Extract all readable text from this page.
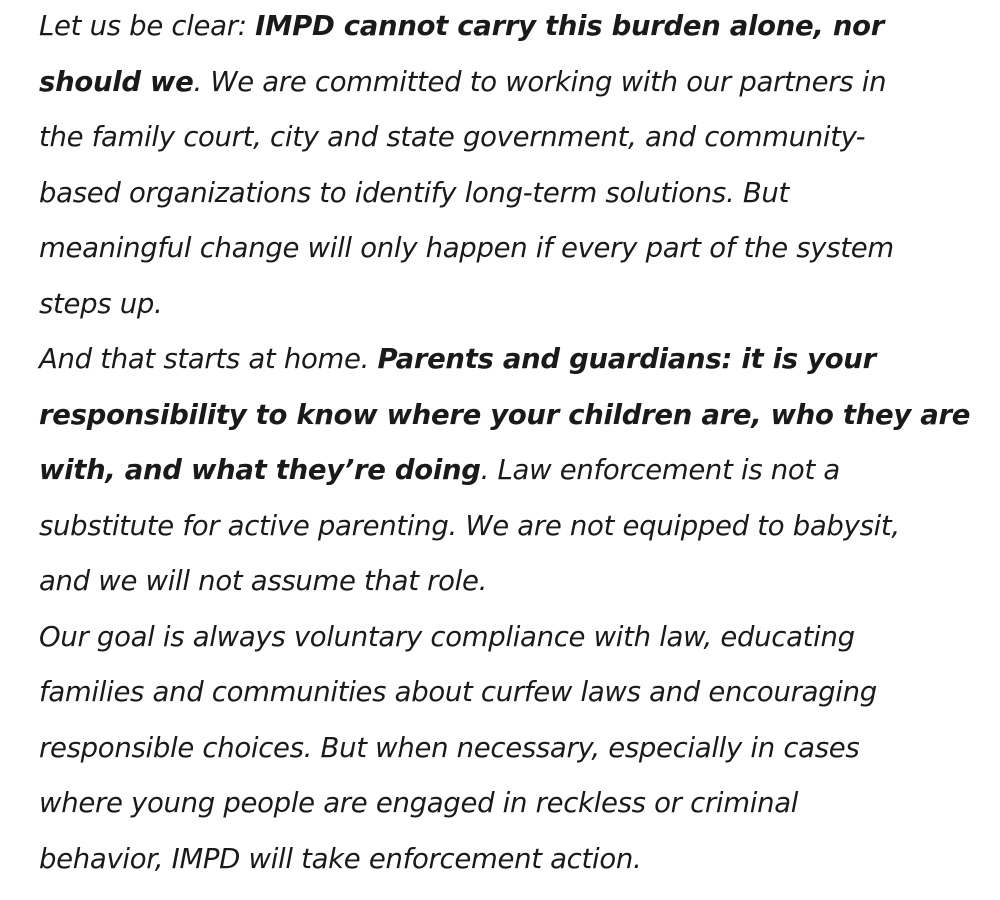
Let us be clear: IMPD cannot carry this burden alone, nor
should we. We are committed to working with our partners in
the family court, city and state government, and community-
based organizations to identify long-term solutions. But
meaningful change will only happen if every part of the system
steps up.

And that starts at home. Parents and guardians: it is your
responsibility to know where your children are, who they are
with, and what they’re doing. Law enforcement is not a
substitute for active parenting. We are not equipped to babysit,
and we will not assume that role.

Our goal is always voluntary compliance with law, educating
families and communities about curfew laws and encouraging
responsible choices. But when necessary, especially in cases
where young people are engaged in reckless or criminal
behavior, IMPD will take enforcement action.
